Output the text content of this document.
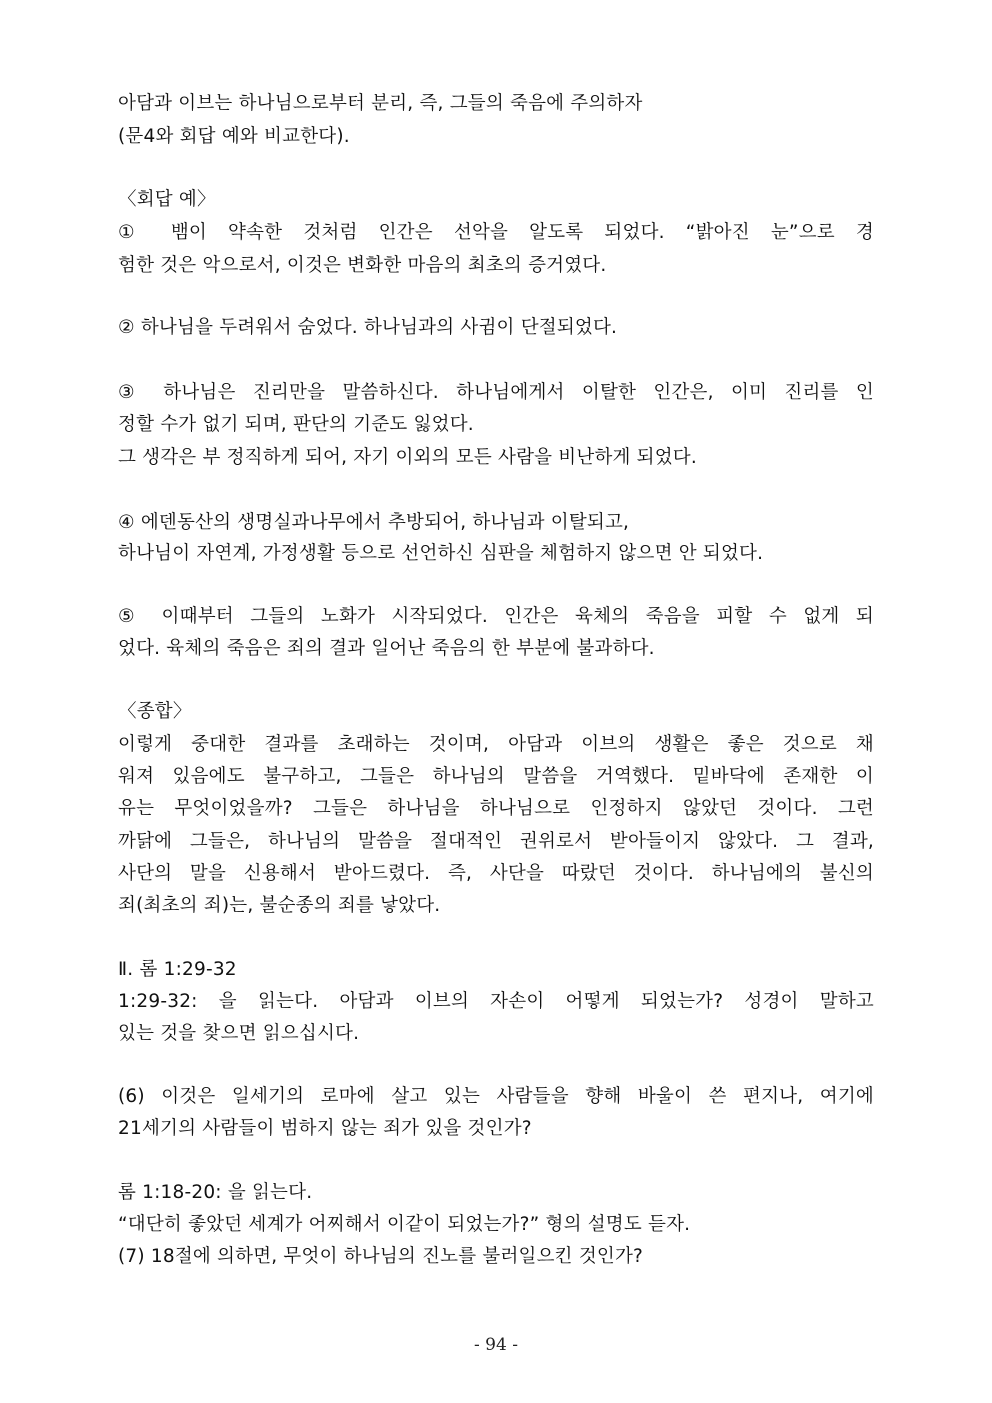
아담과 이브는 하나님으로부터 분리, 즉, 그들의 죽음에 주의하자
(문4와 회답 예와 비교한다).
〈회답 예〉
① 뱀이 약속한 것처럼 인간은 선악을 알도록 되었다. “밝아진 눈”으로 경
험한 것은 악으로서, 이것은 변화한 마음의 최초의 증거였다.
② 하나님을 두려워서 숨었다. 하나님과의 사귐이 단절되었다.
③ 하나님은 진리만을 말씀하신다. 하나님에게서 이탈한 인간은, 이미 진리를 인
정할 수가 없기 되며, 판단의 기준도 잃었다.
그 생각은 부 정직하게 되어, 자기 이외의 모든 사람을 비난하게 되었다.
④ 에덴동산의 생명실과나무에서 추방되어, 하나님과 이탈되고,
하나님이 자연계, 가정생활 등으로 선언하신 심판을 체험하지 않으면 안 되었다.
⑤ 이때부터 그들의 노화가 시작되었다. 인간은 육체의 죽음을 피할 수 없게 되
었다. 육체의 죽음은 죄의 결과 일어난 죽음의 한 부분에 불과하다.
〈종합〉
이렇게 중대한 결과를 초래하는 것이며, 아담과 이브의 생활은 좋은 것으로 채
워져 있음에도 불구하고, 그들은 하나님의 말씀을 거역했다. 밑바닥에 존재한 이
유는 무엇이었을까? 그들은 하나님을 하나님으로 인정하지 않았던 것이다. 그런
까닭에 그들은, 하나님의 말씀을 절대적인 권위로서 받아들이지 않았다. 그 결과,
사단의 말을 신용해서 받아드렸다. 즉, 사단을 따랐던 것이다. 하나님에의 불신의
죄(최초의 죄)는, 불순종의 죄를 낳았다.
Ⅱ. 롬 1:29-32
1:29-32: 을 읽는다. 아담과 이브의 자손이 어떻게 되었는가? 성경이 말하고
있는 것을 찾으면 읽으십시다.
(6) 이것은 일세기의 로마에 살고 있는 사람들을 향해 바울이 쓴 편지나, 여기에
21세기의 사람들이 범하지 않는 죄가 있을 것인가?
롬 1:18-20: 을 읽는다.
“대단히 좋았던 세계가 어찌해서 이같이 되었는가?” 형의 설명도 듣자.
(7) 18절에 의하면, 무엇이 하나님의 진노를 불러일으킨 것인가?
- 94 -
